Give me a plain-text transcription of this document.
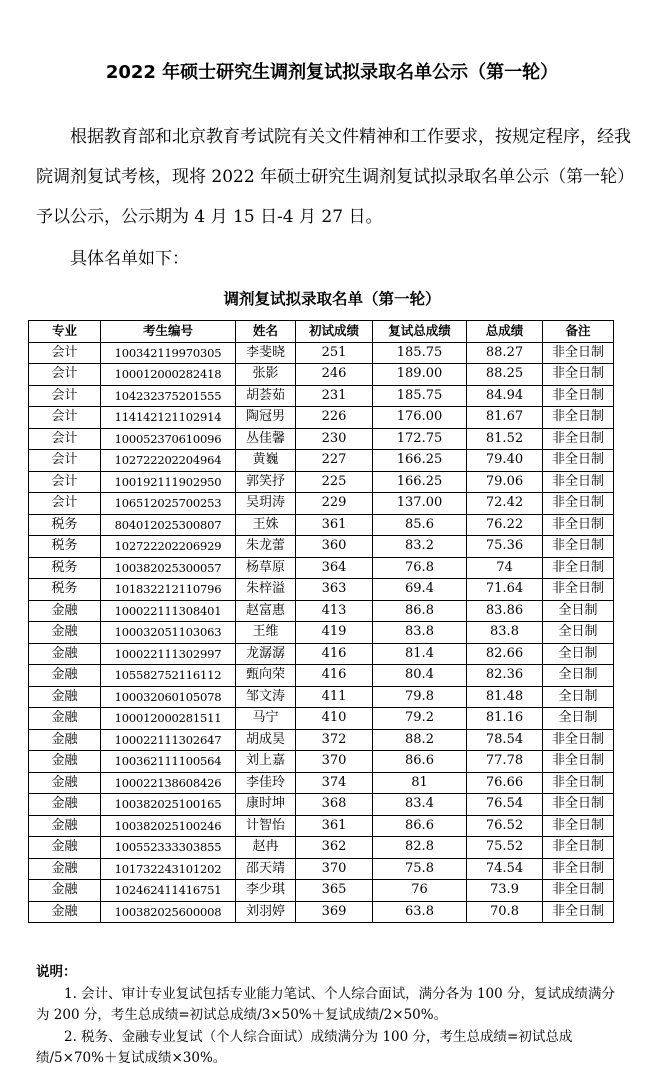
2022 年硕士研究生调剂复试拟录取名单公示（第一轮）

根据教育部和北京教育考试院有关文件精神和工作要求，按规定程序，经我院调剂复试考核，现将 2022 年硕士研究生调剂复试拟录取名单公示（第一轮）予以公示，公示期为 4 月 15 日-4 月 27 日。

具体名单如下：

调剂复试拟录取名单（第一轮）
专业	考生编号	姓名	初试成绩	复试总成绩	总成绩	备注
会计	100342119970305	李斐晓	251	185.75	88.27	非全日制
会计	100012000282418	张影	246	189.00	88.25	非全日制
会计	104232375201555	胡荟茹	231	185.75	84.94	非全日制
会计	114142121102914	陶冠男	226	176.00	81.67	非全日制
会计	100052370610096	丛佳馨	230	172.75	81.52	非全日制
会计	102722202204964	黄巍	227	166.25	79.40	非全日制
会计	100192111902950	郭笑抒	225	166.25	79.06	非全日制
会计	106512025700253	吴玥涛	229	137.00	72.42	非全日制
税务	804012025300807	王姝	361	85.6	76.22	非全日制
税务	102722202206929	朱龙蕾	360	83.2	75.36	非全日制
税务	100382025300057	杨草原	364	76.8	74	非全日制
税务	101832212110796	朱梓溢	363	69.4	71.64	非全日制
金融	100022111308401	赵富惠	413	86.8	83.86	全日制
金融	100032051103063	王维	419	83.8	83.8	全日制
金融	100022111302997	龙潺潺	416	81.4	82.66	全日制
金融	105582752116112	甄向荣	416	80.4	82.36	全日制
金融	100032060105078	邹文涛	411	79.8	81.48	全日制
金融	100012000281511	马宁	410	79.2	81.16	全日制
金融	100022111302647	胡成昊	372	88.2	78.54	非全日制
金融	100362111100564	刘上嘉	370	86.6	77.78	非全日制
金融	100022138608426	李佳玲	374	81	76.66	非全日制
金融	100382025100165	康时坤	368	83.4	76.54	非全日制
金融	100382025100246	计智怡	361	86.6	76.52	非全日制
金融	100552333303855	赵冉	362	82.8	75.52	非全日制
金融	101732243101202	邵天靖	370	75.8	74.54	非全日制
金融	102462411416751	李少琪	365	76	73.9	非全日制
金融	100382025600008	刘羽婷	369	63.8	70.8	非全日制
说明：

1. 会计、审计专业复试包括专业能力笔试、个人综合面试，满分各为 100 分，复试成绩满分为 200 分，考生总成绩=初试总成绩/3×50%＋复试成绩/2×50%。

2. 税务、金融专业复试（个人综合面试）成绩满分为 100 分，考生总成绩=初试总成绩/5×70%＋复试成绩×30%。
